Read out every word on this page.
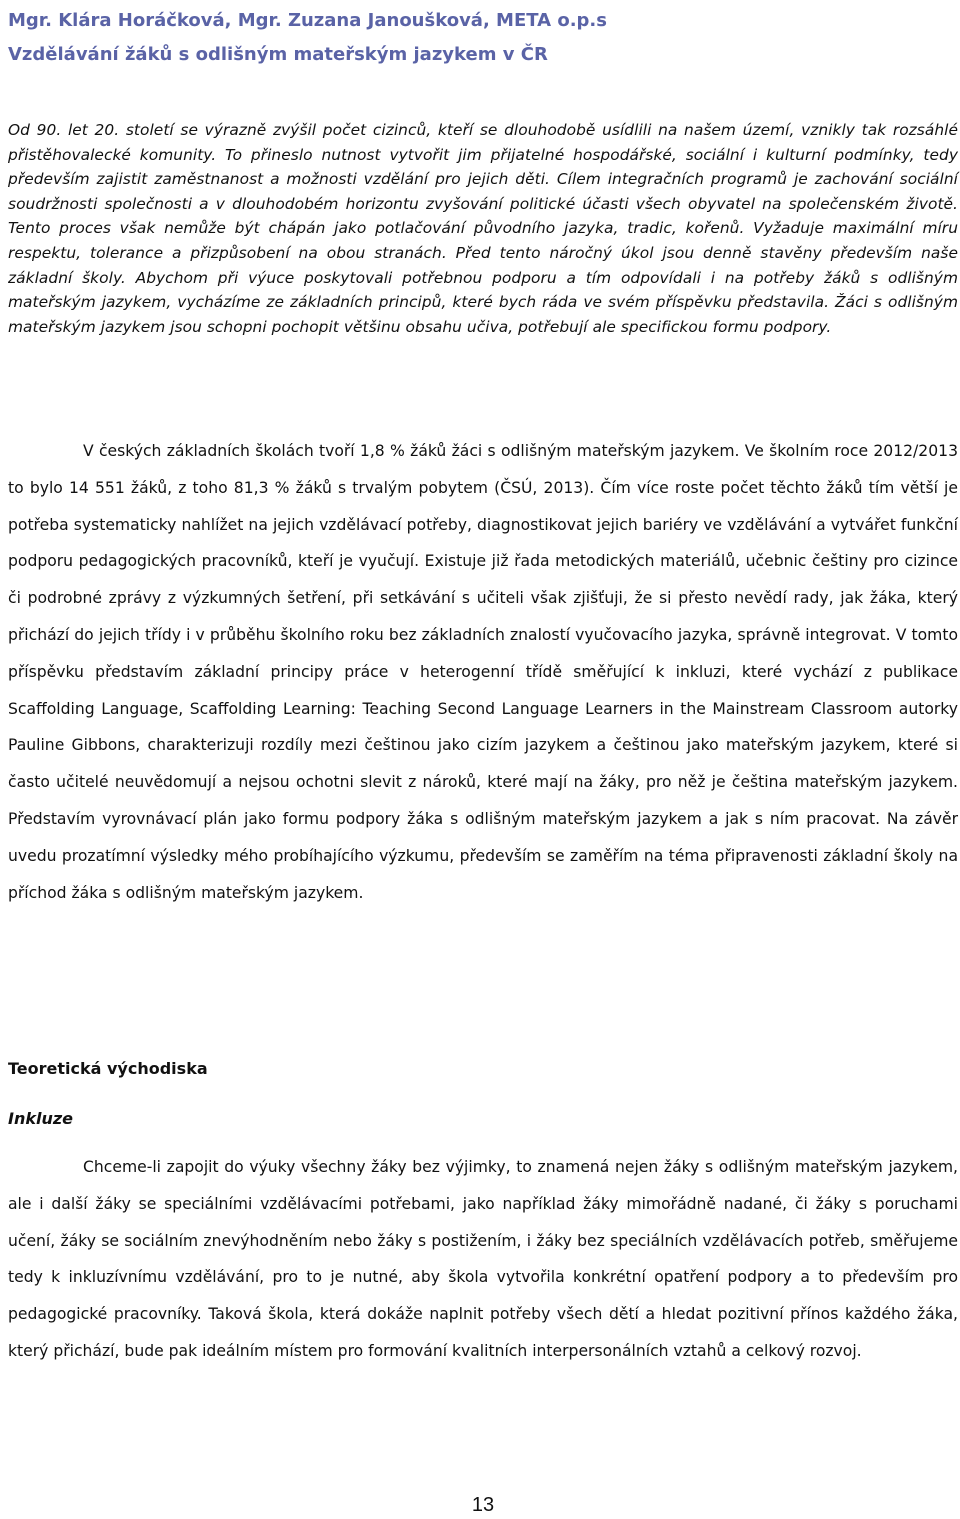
Mgr. Klára Horáčková, Mgr. Zuzana Janoušková, META o.p.s
Vzdělávání žáků s odlišným mateřským jazykem v ČR

Od 90. let 20. století se výrazně zvýšil počet cizinců, kteří se dlouhodobě usídlili na našem území, vznikly tak rozsáhlé přistěhovalecké komunity. To přineslo nutnost vytvořit jim přijatelné hospodářské, sociální i kulturní podmínky, tedy především zajistit zaměstnanost a možnosti vzdělání pro jejich děti. Cílem integračních programů je zachování sociální soudržnosti společnosti a v dlouhodobém horizontu zvyšování politické účasti všech obyvatel na společenském životě. Tento proces však nemůže být chápán jako potlačování původního jazyka, tradic, kořenů. Vyžaduje maximální míru respektu, tolerance a přizpůsobení na obou stranách. Před tento náročný úkol jsou denně stavěny především naše základní školy. Abychom při výuce poskytovali potřebnou podporu a tím odpovídali i na potřeby žáků s odlišným mateřským jazykem, vycházíme ze základních principů, které bych ráda ve svém příspěvku představila. Žáci s odlišným mateřským jazykem jsou schopni pochopit většinu obsahu učiva, potřebují ale specifickou formu podpory.

V českých základních školách tvoří 1,8 % žáků žáci s odlišným mateřským jazykem. Ve školním roce 2012/2013 to bylo 14 551 žáků, z toho 81,3 % žáků s trvalým pobytem (ČSÚ, 2013). Čím více roste počet těchto žáků tím větší je potřeba systematicky nahlížet na jejich vzdělávací potřeby, diagnostikovat jejich bariéry ve vzdělávání a vytvářet funkční podporu pedagogických pracovníků, kteří je vyučují. Existuje již řada metodických materiálů, učebnic češtiny pro cizince či podrobné zprávy z výzkumných šetření, při setkávání s učiteli však zjišťuji, že si přesto nevědí rady, jak žáka, který přichází do jejich třídy i v průběhu školního roku bez základních znalostí vyučovacího jazyka, správně integrovat. V tomto příspěvku představím základní principy práce v heterogenní třídě směřující k inkluzi, které vychází z publikace Scaffolding Language, Scaffolding Learning: Teaching Second Language Learners in the Mainstream Classroom autorky Pauline Gibbons, charakterizuji rozdíly mezi češtinou jako cizím jazykem a češtinou jako mateřským jazykem, které si často učitelé neuvědomují a nejsou ochotni slevit z nároků, které mají na žáky, pro něž je čeština mateřským jazykem. Představím vyrovnávací plán jako formu podpory žáka s odlišným mateřským jazykem a jak s ním pracovat. Na závěr uvedu prozatímní výsledky mého probíhajícího výzkumu, především se zaměřím na téma připravenosti základní školy na příchod žáka s odlišným mateřským jazykem.

Teoretická východiska
Inkluze

Chceme-li zapojit do výuky všechny žáky bez výjimky, to znamená nejen žáky s odlišným mateřským jazykem, ale i další žáky se speciálními vzdělávacími potřebami, jako například žáky mimořádně nadané, či žáky s poruchami učení, žáky se sociálním znevýhodněním nebo žáky s postižením, i žáky bez speciálních vzdělávacích potřeb, směřujeme tedy k inkluzívnímu vzdělávání, pro to je nutné, aby škola vytvořila konkrétní opatření podpory a to především pro pedagogické pracovníky. Taková škola, která dokáže naplnit potřeby všech dětí a hledat pozitivní přínos každého žáka, který přichází, bude pak ideálním místem pro formování kvalitních interpersonálních vztahů a celkový rozvoj.

13
